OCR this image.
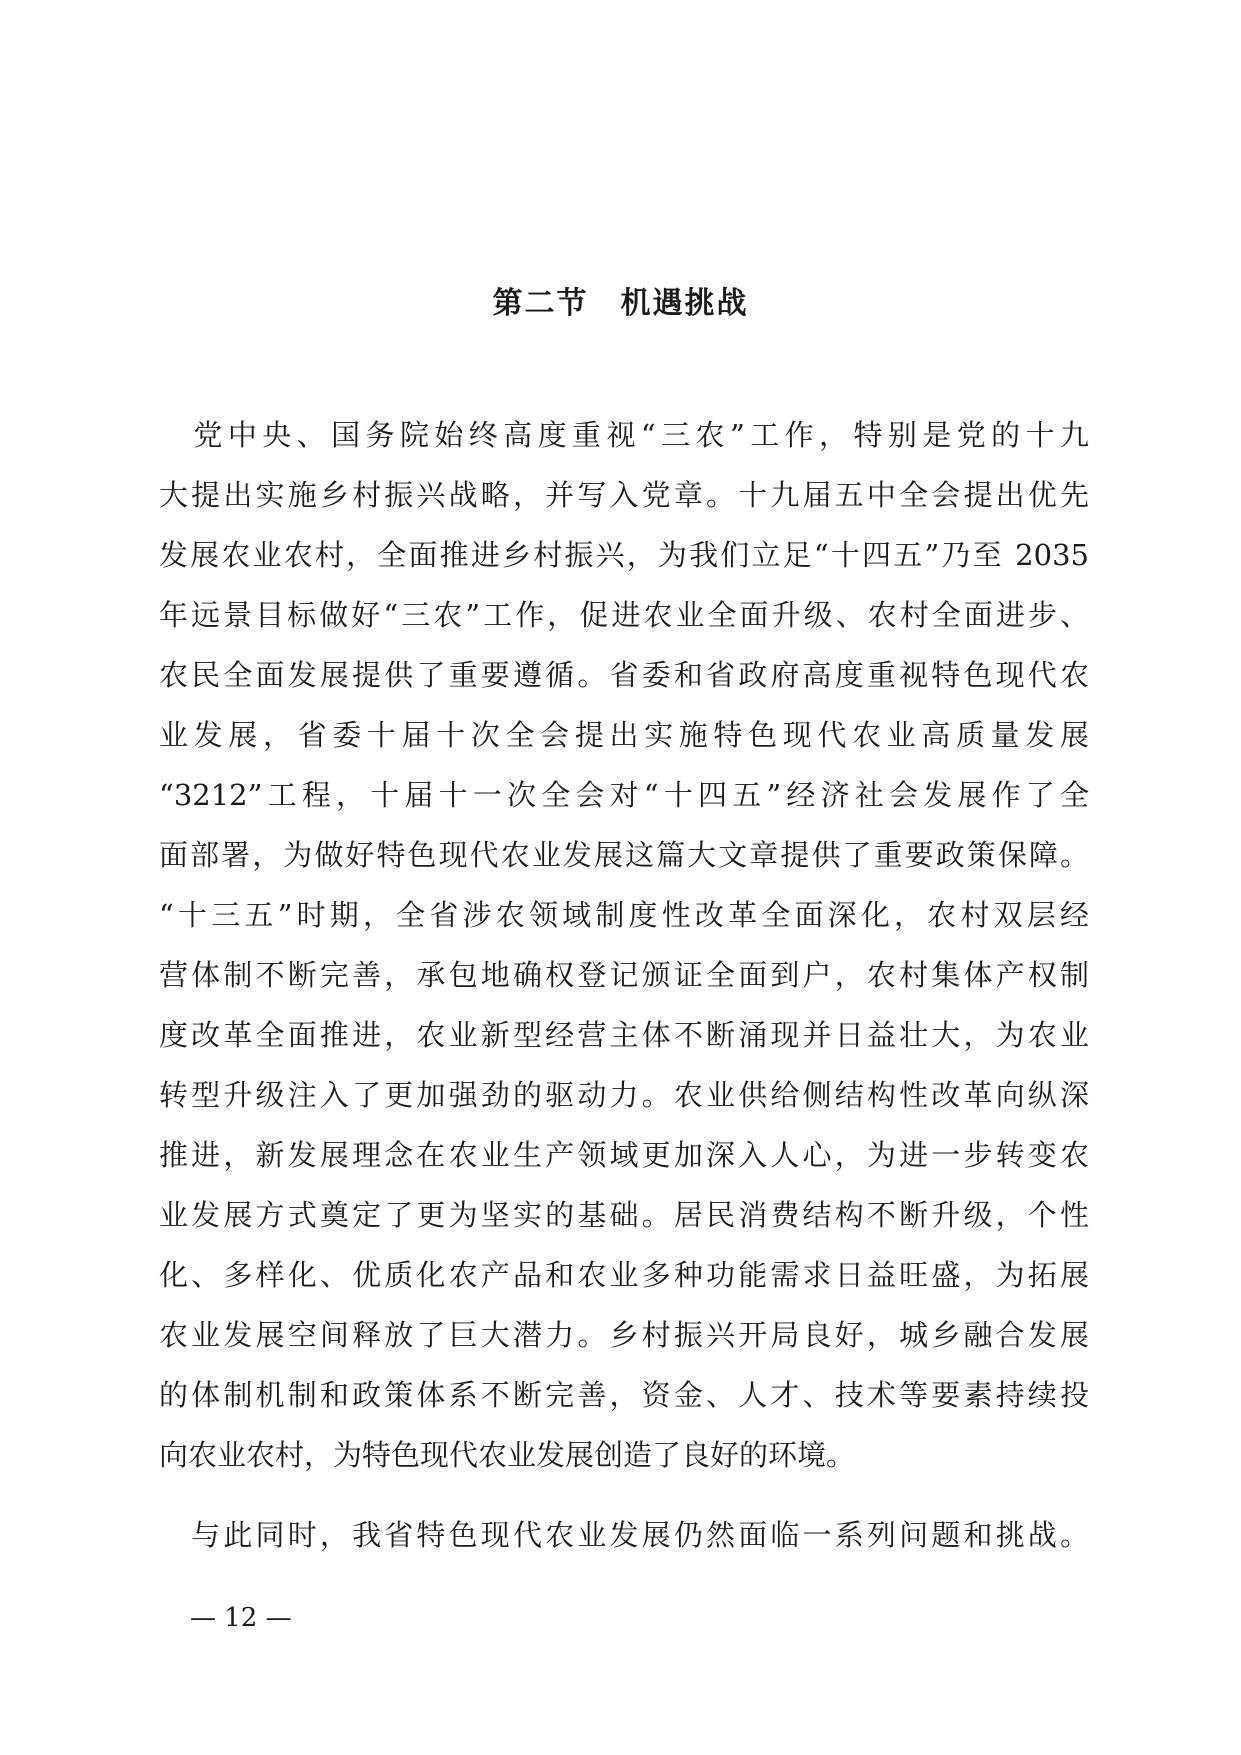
第二节　机遇挑战
　党中央、国务院始终高度重视“三农”工作，特别是党的十九
大提出实施乡村振兴战略，并写入党章。十九届五中全会提出优先
发展农业农村，全面推进乡村振兴，为我们立足“十四五”乃至 2035
年远景目标做好“三农”工作，促进农业全面升级、农村全面进步、
农民全面发展提供了重要遵循。省委和省政府高度重视特色现代农
业发展，省委十届十次全会提出实施特色现代农业高质量发展
“3212”工程，十届十一次全会对“十四五”经济社会发展作了全
面部署，为做好特色现代农业发展这篇大文章提供了重要政策保障。
“十三五”时期，全省涉农领域制度性改革全面深化，农村双层经
营体制不断完善，承包地确权登记颁证全面到户，农村集体产权制
度改革全面推进，农业新型经营主体不断涌现并日益壮大，为农业
转型升级注入了更加强劲的驱动力。农业供给侧结构性改革向纵深
推进，新发展理念在农业生产领域更加深入人心，为进一步转变农
业发展方式奠定了更为坚实的基础。居民消费结构不断升级，个性
化、多样化、优质化农产品和农业多种功能需求日益旺盛，为拓展
农业发展空间释放了巨大潜力。乡村振兴开局良好，城乡融合发展
的体制机制和政策体系不断完善，资金、人才、技术等要素持续投
向农业农村，为特色现代农业发展创造了良好的环境。
　与此同时，我省特色现代农业发展仍然面临一系列问题和挑战。
— 12 —
